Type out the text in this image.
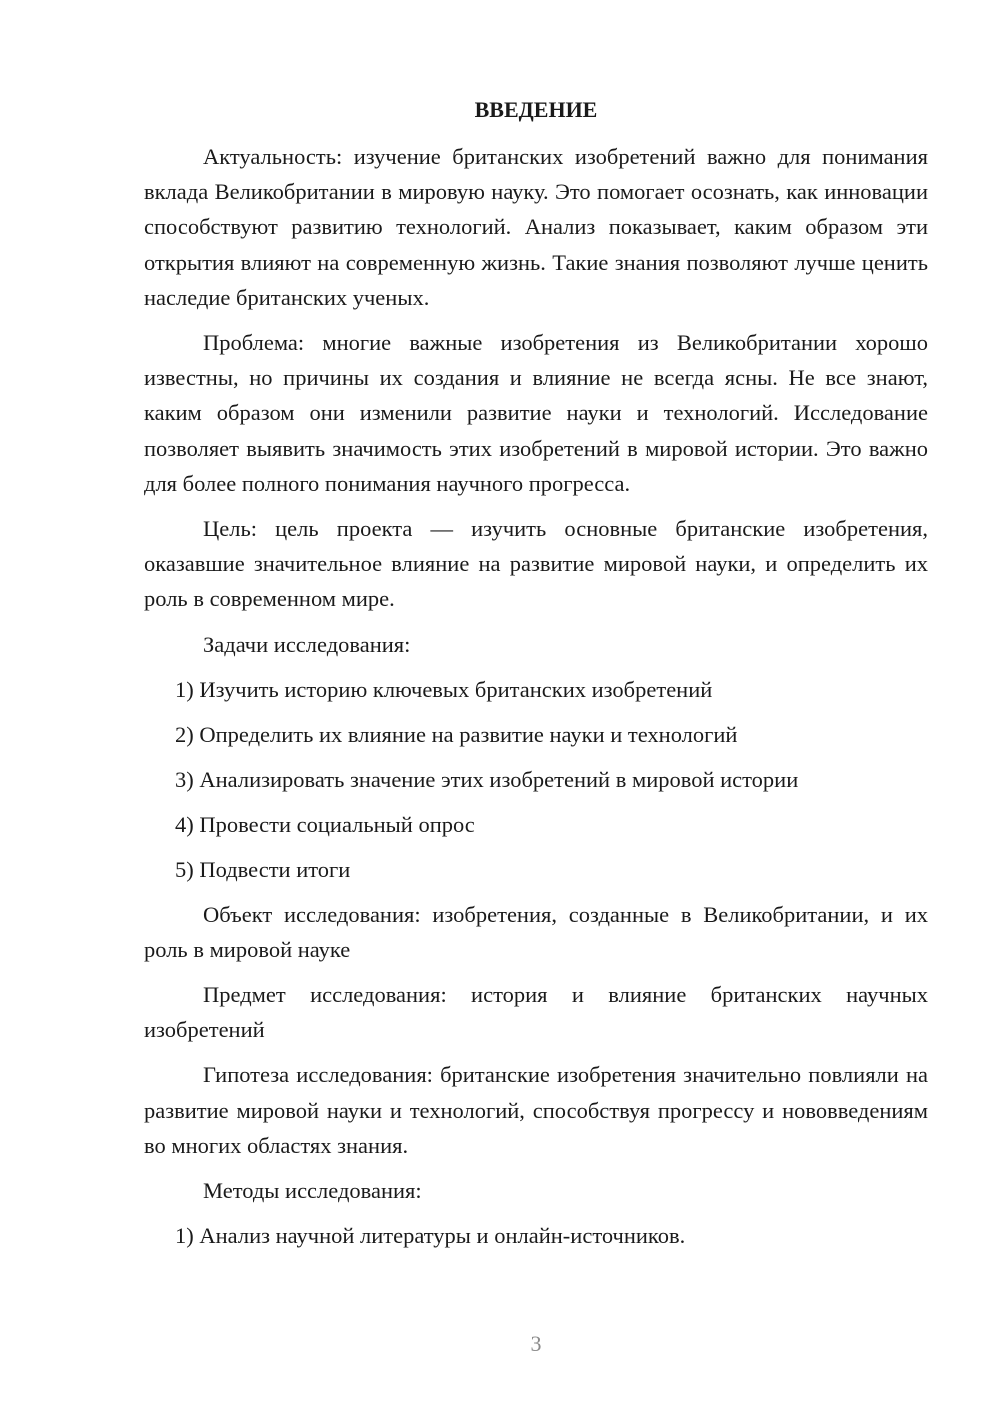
ВВЕДЕНИЕ

Актуальность: изучение британских изобретений важно для понимания вклада Великобритании в мировую науку. Это помогает осознать, как инновации способствуют развитию технологий. Анализ показывает, каким образом эти открытия влияют на современную жизнь. Такие знания позволяют лучше ценить наследие британских ученых.

Проблема: многие важные изобретения из Великобритании хорошо известны, но причины их создания и влияние не всегда ясны. Не все знают, каким образом они изменили развитие науки и технологий. Исследование позволяет выявить значимость этих изобретений в мировой истории. Это важно для более полного понимания научного прогресса.

Цель: цель проекта — изучить основные британские изобретения, оказавшие значительное влияние на развитие мировой науки, и определить их роль в современном мире.

Задачи исследования:
1) Изучить историю ключевых британских изобретений
2) Определить их влияние на развитие науки и технологий
3) Анализировать значение этих изобретений в мировой истории
4) Провести социальный опрос
5) Подвести итоги

Объект исследования: изобретения, созданные в Великобритании, и их роль в мировой науке

Предмет исследования: история и влияние британских научных изобретений

Гипотеза исследования: британские изобретения значительно повлияли на развитие мировой науки и технологий, способствуя прогрессу и нововведениям во многих областях знания.

Методы исследования:
1) Анализ научной литературы и онлайн-источников.
3
